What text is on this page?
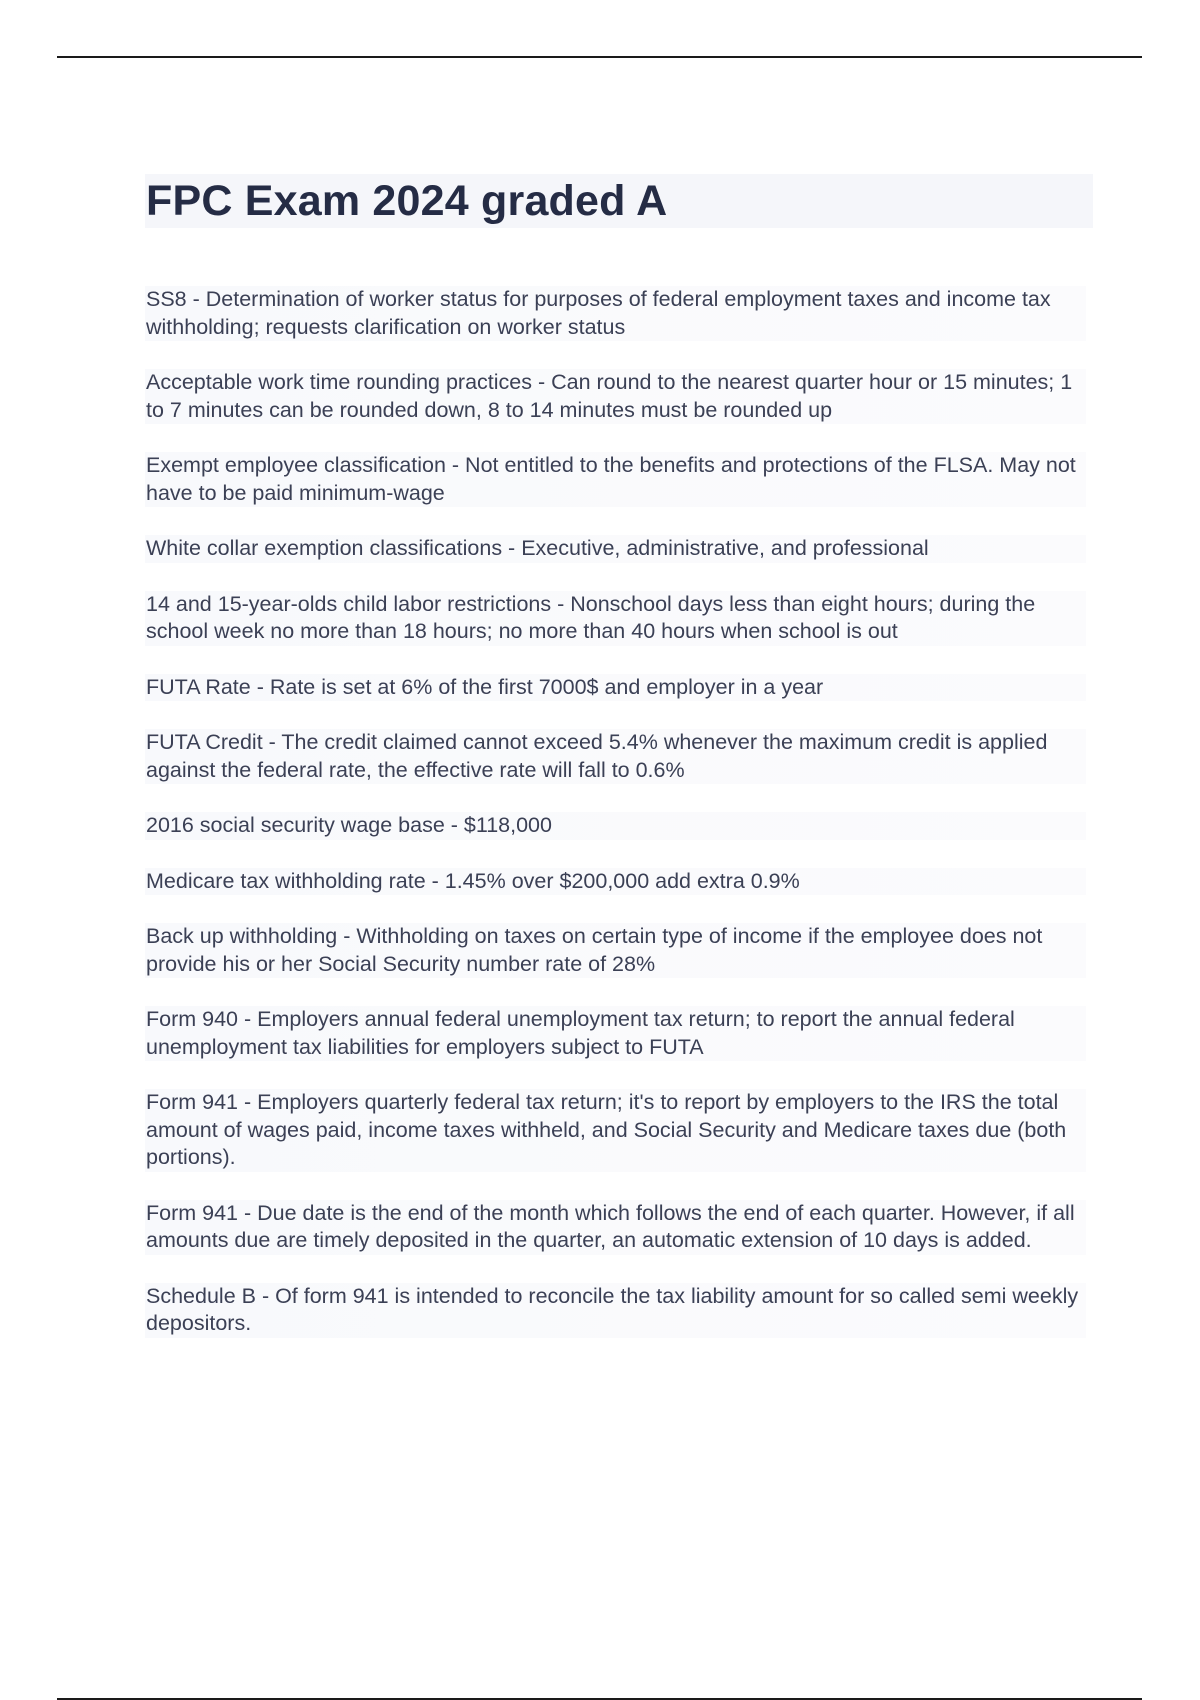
FPC Exam 2024 graded A
SS8 - Determination of worker status for purposes of federal employment taxes and income tax withholding; requests clarification on worker status
Acceptable work time rounding practices - Can round to the nearest quarter hour or 15 minutes; 1 to 7 minutes can be rounded down, 8 to 14 minutes must be rounded up
Exempt employee classification - Not entitled to the benefits and protections of the FLSA. May not have to be paid minimum-wage
White collar exemption classifications - Executive, administrative, and professional
14 and 15-year-olds child labor restrictions - Nonschool days less than eight hours; during the school week no more than 18 hours; no more than 40 hours when school is out
FUTA Rate - Rate is set at 6% of the first 7000$ and employer in a year
FUTA Credit - The credit claimed cannot exceed 5.4% whenever the maximum credit is applied against the federal rate, the effective rate will fall to 0.6%
2016 social security wage base - $118,000
Medicare tax withholding rate - 1.45% over $200,000 add extra 0.9%
Back up withholding - Withholding on taxes on certain type of income if the employee does not provide his or her Social Security number rate of 28%
Form 940 - Employers annual federal unemployment tax return; to report the annual federal unemployment tax liabilities for employers subject to FUTA
Form 941 - Employers quarterly federal tax return; it's to report by employers to the IRS the total amount of wages paid, income taxes withheld, and Social Security and Medicare taxes due (both portions).
Form 941 - Due date is the end of the month which follows the end of each quarter. However, if all amounts due are timely deposited in the quarter, an automatic extension of 10 days is added.
Schedule B - Of form 941 is intended to reconcile the tax liability amount for so called semi weekly depositors.
